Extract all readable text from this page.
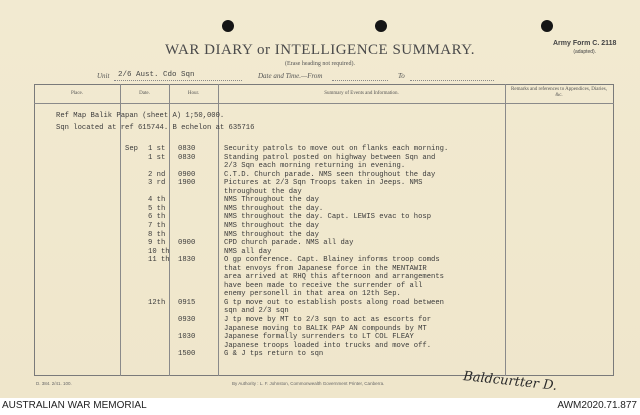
WAR DIARY or INTELLIGENCE SUMMARY.
(Erase heading not required).
Army Form C. 2118
(adapted).
Unit 2/6 Aust. Cdo Sqn	Date and Time.—From	To
Place.	Date.	Hour.	Summary of Events and Information.
Remarks and references to Appendices, Diaries, &c.
Ref Map Balik Papan (sheet A) 1;50,000.
Sqn located at ref 615744. B echelon at 635716
Sep 1 st 0830	Security patrols to move out on flanks each morning.
1 st 0830	Standing patrol posted on highway between Sqn and
2/3 Sqn each morning returning in evening.
2 nd 0900	C.T.D. Church parade. NMS seen throughout the day
3 rd 1900	Pictures at 2/3 Sqn Troops taken in Jeeps. NMS
throughout the day
4 th	NMS Throughout the day
5 th	NMS throughout the day.
6 th	NMS throughout the day. Capt. LEWIS evac to hosp
7 th	NMS throughout the day
8 th	NMS throughout the day
9 th 0900	CPD church parade. NMS all day
10 th	NMS all day
11 th 1830	O gp conference. Capt. Blainey informs troop comds
that envoys from Japanese force in the MENTAWIR
area arrived at RHQ this afternoon and arrangements
have been made to receive the surrender of all
enemy personell in that area on 12th Sep.
12th 0915	G tp move out to establish posts along road between
sqn and 2/3 sqn
0930	J tp move by MT to 2/3 sqn to act as escorts for
Japanese moving to BALIK PAP AN compounds by MT
1030	Japanese formally surrenders to LT COL FLEAY
Japanese troops loaded into trucks and move off.
1500	G & J tps return to sqn
D. 384. 2/41. 100.	By Authority : L. F. Johnston, Commonwealth Government Printer, Canberra.	Baldcurtter D.
AUSTRALIAN WAR MEMORIAL	AWM2020.71.877
